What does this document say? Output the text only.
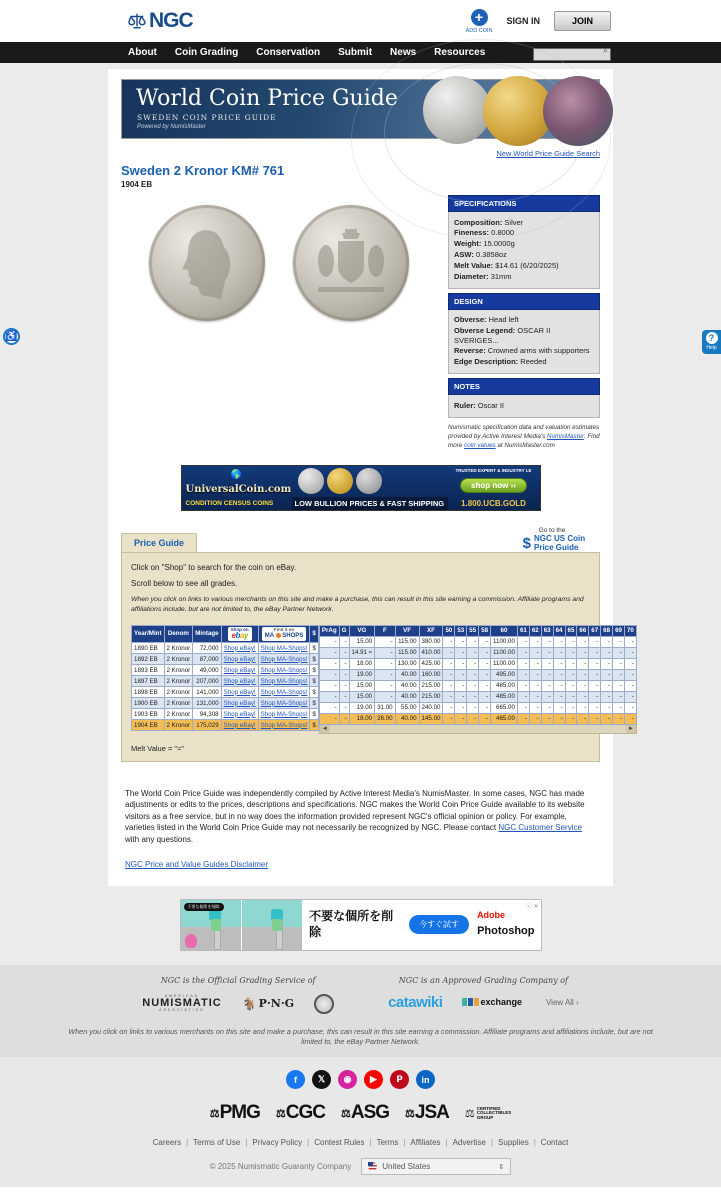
NGC	+
ADD COIN
SIGN IN	JOIN
About Coin Grading Conservation Submit News Resources	⌕
World Coin Price Guide
SWEDEN COIN PRICE GUIDE
Powered by NumisMaster
New World Price Guide Search
Sweden 2 Kronor KM# 761
1904 EB
SPECIFICATIONS
Composition: Silver
Fineness: 0.8000
Weight: 15.0000g
ASW: 0.3858oz
Melt Value: $14.61 (6/20/2025)
Diameter: 31mm
DESIGN
Obverse: Head left
Obverse Legend: OSCAR II SVERIGES...
Reverse: Crowned arms with supporters
Edge Description: Reeded
NOTES
Ruler: Oscar II

Numismatic specification data and valuation estimates provided by Active Interest Media's NumisMaster. Find more coin values at NumisMaster.com

🌎
UniversalCoin.com
CONDITION CENSUS COINS	LOW BULLION PRICES & FAST SHIPPING
TRUSTED EXPERT & INDUSTRY LE
shop now ››
1.800.UCB.GOLD
Price Guide
Go to the
$ NGC US Coin Price Guide

Click on "Shop" to search for the coin on eBay.

Scroll below to see all grades.

When you click on links to various merchants on this site and make a purchase, this can result in this site earning a commission. Affiliate programs and affiliations include, but are not limited to, the eBay Partner Network.

Year/Mint	Denom	Mintage	Shop on
ebay	Find it on
MA  SHOPS	$
1890 EB	2 Kronor	72,000	Shop eBay!	Shop MA-Shops!	$
1892 EB	2 Kronor	87,000	Shop eBay!	Shop MA-Shops!	$
1893 EB	2 Kronor	49,000	Shop eBay!	Shop MA-Shops!	$
1897 EB	2 Kronor	207,000	Shop eBay!	Shop MA-Shops!	$
1898 EB	2 Kronor	141,000	Shop eBay!	Shop MA-Shops!	$
1900 EB	2 Kronor	131,000	Shop eBay!	Shop MA-Shops!	$
1903 EB	2 Kronor	94,308	Shop eBay!	Shop MA-Shops!	$
1904 EB	2 Kronor	175,029	Shop eBay!	Shop MA-Shops!	$
PrAg	G	VG	F	VF	XF	50	53	55	58	60	61	62	63	64	65	66	67	68	69	70
-	-	15.00	-	115.00	380.00	-	-	-	-	1100.00	-	-	-	-	-	-	-	-	-	-
-	-	14.91 ≈	-	115.00	410.00	-	-	-	-	1100.00	-	-	-	-	-	-	-	-	-	-
-	-	18.00	-	130.00	425.00	-	-	-	-	1100.00	-	-	-	-	-	-	-	-	-	-
-	-	19.00	-	40.00	160.00	-	-	-	-	495.00	-	-	-	-	-	-	-	-	-	-
-	-	15.00	-	40.00	215.00	-	-	-	-	485.00	-	-	-	-	-	-	-	-	-	-
-	-	15.00	-	40.00	215.00	-	-	-	-	485.00	-	-	-	-	-	-	-	-	-	-
-	-	19.00	31.00	55.00	240.00	-	-	-	-	665.00	-	-	-	-	-	-	-	-	-	-
-	-	18.00	26.00	40.00	145.00	-	-	-	-	465.00	-	-	-	-	-	-	-	-	-	-
◄	►

Melt Value = "≈"

The World Coin Price Guide was independently compiled by Active Interest Media's NumisMaster. In some cases, NGC has made adjustments or edits to the prices, descriptions and specifications. NGC makes the World Coin Price Guide available to its website visitors as a free service, but in no way does the information provided represent NGC's official opinion or policy. For example, varieties listed in the World Coin Price Guide may not necessarily be recognized by NGC. Please contact NGC Customer Service with any questions.

NGC Price and Value Guides Disclaimer
不要な個所を削除
不要な個所を削除	今すぐ試す
Adobe
Photoshop
ⓘ ✕
NGC is the Official Grading Service of
AMERICAN
NUMISMATIC
ASSOCIATION	🐐 P·N·G
NGC is an Approved Grading Company of
catawiki	exchange	View All ›
When you click on links to various merchants on this site and make a purchase, this can result in this site earning a commission. Affiliate programs and affiliations include, but are not limited to, the eBay Partner Network.
f	𝕏	◉	▶	𝗣	in
⚖ PMG ⚖ CGC ⚖ ASG ⚖ JSA ⚖ CERTIFIED
COLLECTIBLES
GROUP
Careers | Terms of Use | Privacy Policy | Contest Rules | Terms | Affiliates | Advertise | Supplies | Contact
© 2025 Numismatic Guaranty Company	United States	⇕
♿	?
Help
